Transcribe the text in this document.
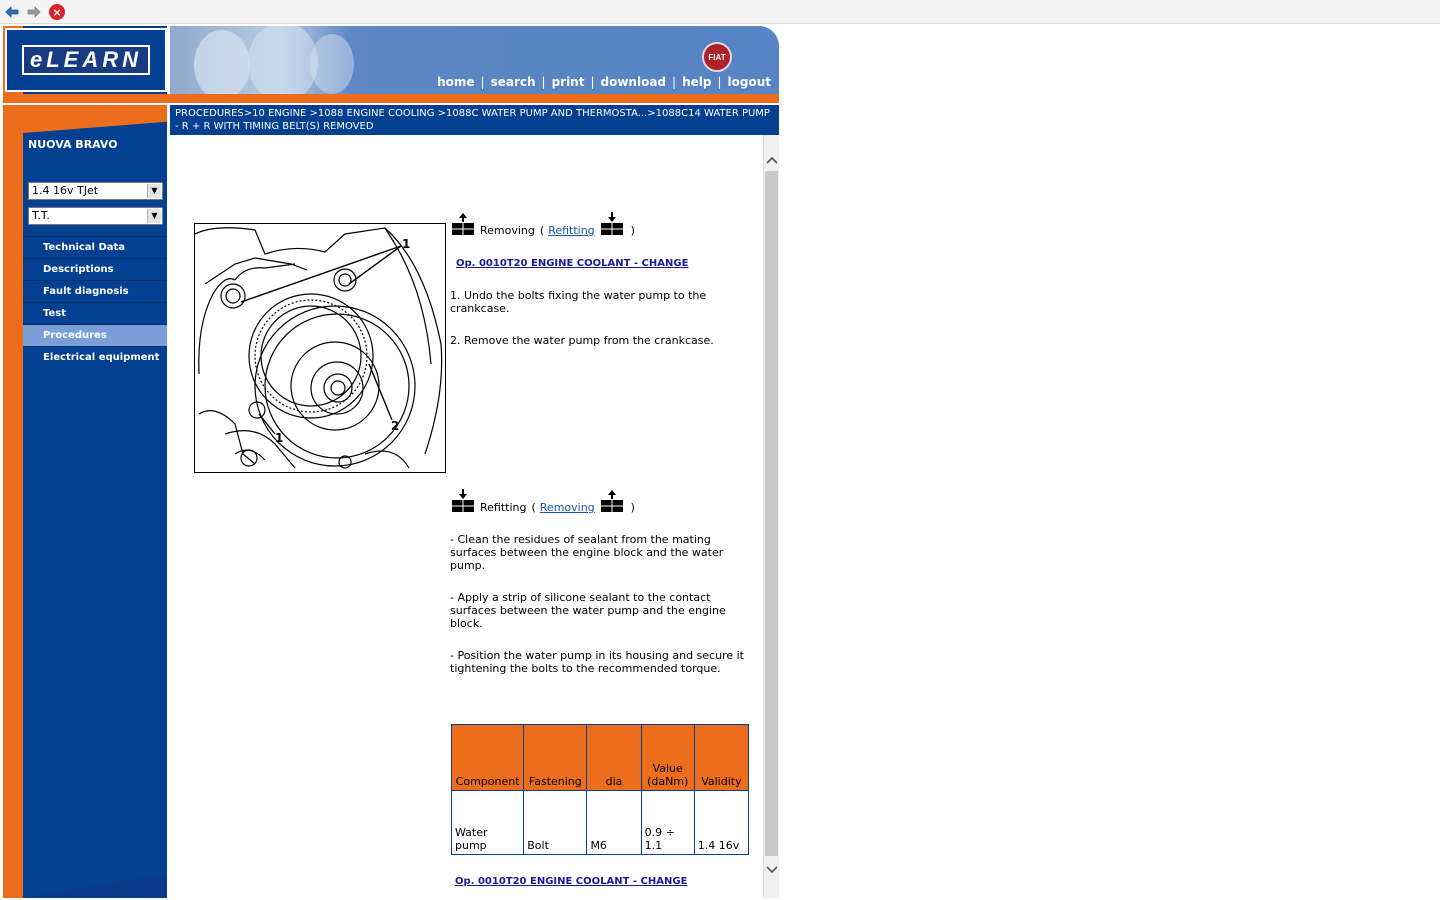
×
eLEARN	FIAT
home | search | print | download | help | logout
PROCEDURES>10 ENGINE >1088 ENGINE COOLING >1088C WATER PUMP AND THERMOSTA...>1088C14 WATER PUMP - R + R WITH TIMING BELT(S) REMOVED
NUOVA BRAVO
1.4 16v TJet	▼
T.T.	▼
Technical Data
Descriptions
Fault diagnosis
Test
Procedures
Electrical equipment
1
1
2
Removing ( Refitting	)

Op. 0010T20 ENGINE COOLANT - CHANGE

1. Undo the bolts fixing the water pump to the crankcase.

2. Remove the water pump from the crankcase.

Refitting ( Removing	)

- Clean the residues of sealant from the mating surfaces between the engine block and the water pump.

- Apply a strip of silicone sealant to the contact surfaces between the water pump and the engine block.

- Position the water pump in its housing and secure it tightening the bolts to the recommended torque.

Component	Fastening	dia	Value (daNm)	Validity
Water pump	Bolt	M6	0.9 ÷ 1.1	1.4 16v

Op. 0010T20 ENGINE COOLANT - CHANGE
